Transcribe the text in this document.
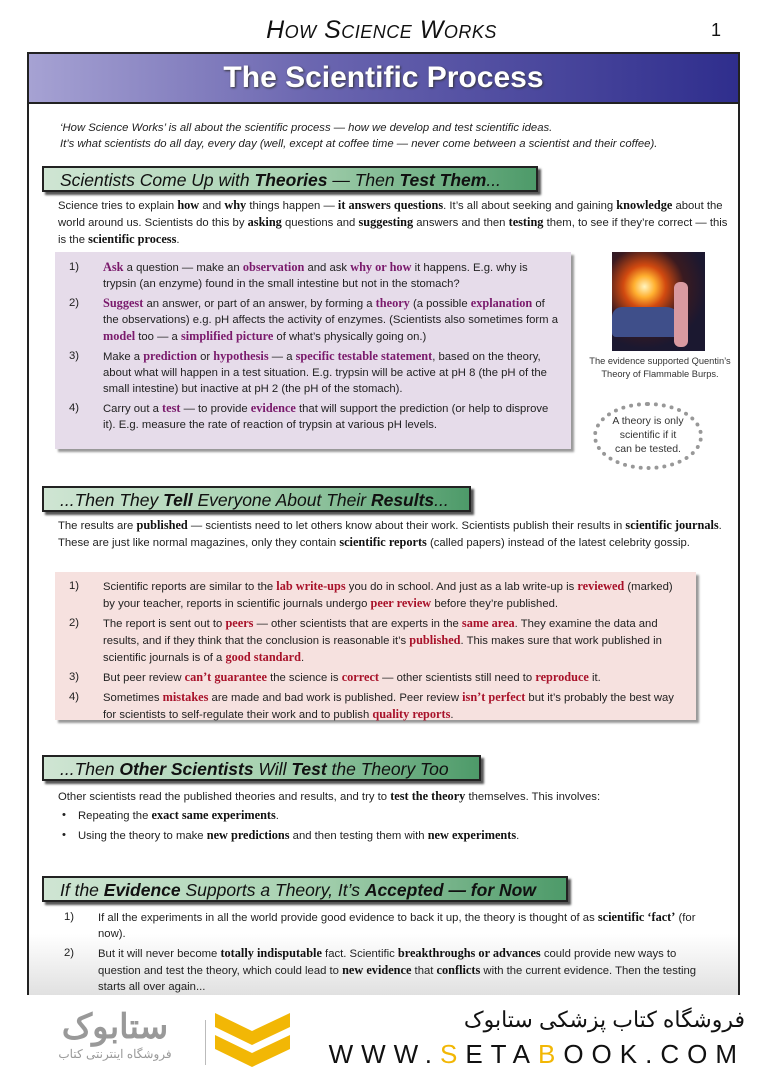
How Science Works	1
The Scientific Process
‘How Science Works’ is all about the scientific process — how we develop and test scientific ideas.
It’s what scientists do all day, every day (well, except at coffee time — never come between a scientist and their coffee).
Scientists Come Up with Theories — Then Test Them...
Science tries to explain how and why things happen — it answers questions. It’s all about seeking and gaining knowledge about the world around us. Scientists do this by asking questions and suggesting answers and then testing them, to see if they’re correct — this is the scientific process.
1) Ask a question — make an observation and ask why or how it happens. E.g. why is trypsin (an enzyme) found in the small intestine but not in the stomach?
2) Suggest an answer, or part of an answer, by forming a theory (a possible explanation of the observations) e.g. pH affects the activity of enzymes. (Scientists also sometimes form a model too — a simplified picture of what’s physically going on.)
3) Make a prediction or hypothesis — a specific testable statement, based on the theory, about what will happen in a test situation. E.g. trypsin will be active at pH 8 (the pH of the small intestine) but inactive at pH 2 (the pH of the stomach).
4) Carry out a test — to provide evidence that will support the prediction (or help to disprove it). E.g. measure the rate of reaction of trypsin at various pH levels.
The evidence supported Quentin’s Theory of Flammable Burps.
A theory is only scientific if it can be tested.
...Then They Tell Everyone About Their Results...
The results are published — scientists need to let others know about their work. Scientists publish their results in scientific journals. These are just like normal magazines, only they contain scientific reports (called papers) instead of the latest celebrity gossip.
1) Scientific reports are similar to the lab write-ups you do in school. And just as a lab write-up is reviewed (marked) by your teacher, reports in scientific journals undergo peer review before they’re published.
2) The report is sent out to peers — other scientists that are experts in the same area. They examine the data and results, and if they think that the conclusion is reasonable it’s published. This makes sure that work published in scientific journals is of a good standard.
3) But peer review can’t guarantee the science is correct — other scientists still need to reproduce it.
4) Sometimes mistakes are made and bad work is published. Peer review isn’t perfect but it’s probably the best way for scientists to self-regulate their work and to publish quality reports.
...Then Other Scientists Will Test the Theory Too
Other scientists read the published theories and results, and try to test the theory themselves. This involves:
• Repeating the exact same experiments.
• Using the theory to make new predictions and then testing them with new experiments.
If the Evidence Supports a Theory, It’s Accepted — for Now
1) If all the experiments in all the world provide good evidence to back it up, the theory is thought of as scientific ‘fact’ (for now).
2) But it will never become totally indisputable fact. Scientific breakthroughs or advances could provide new ways to question and test the theory, which could lead to new evidence that conflicts with the current evidence. Then the testing starts all over again...
ستابوک
فروشگاه اینترنتی کتاب
فروشگاه کتاب پزشکی ستابوک
WWW.SETABOOK.COM
